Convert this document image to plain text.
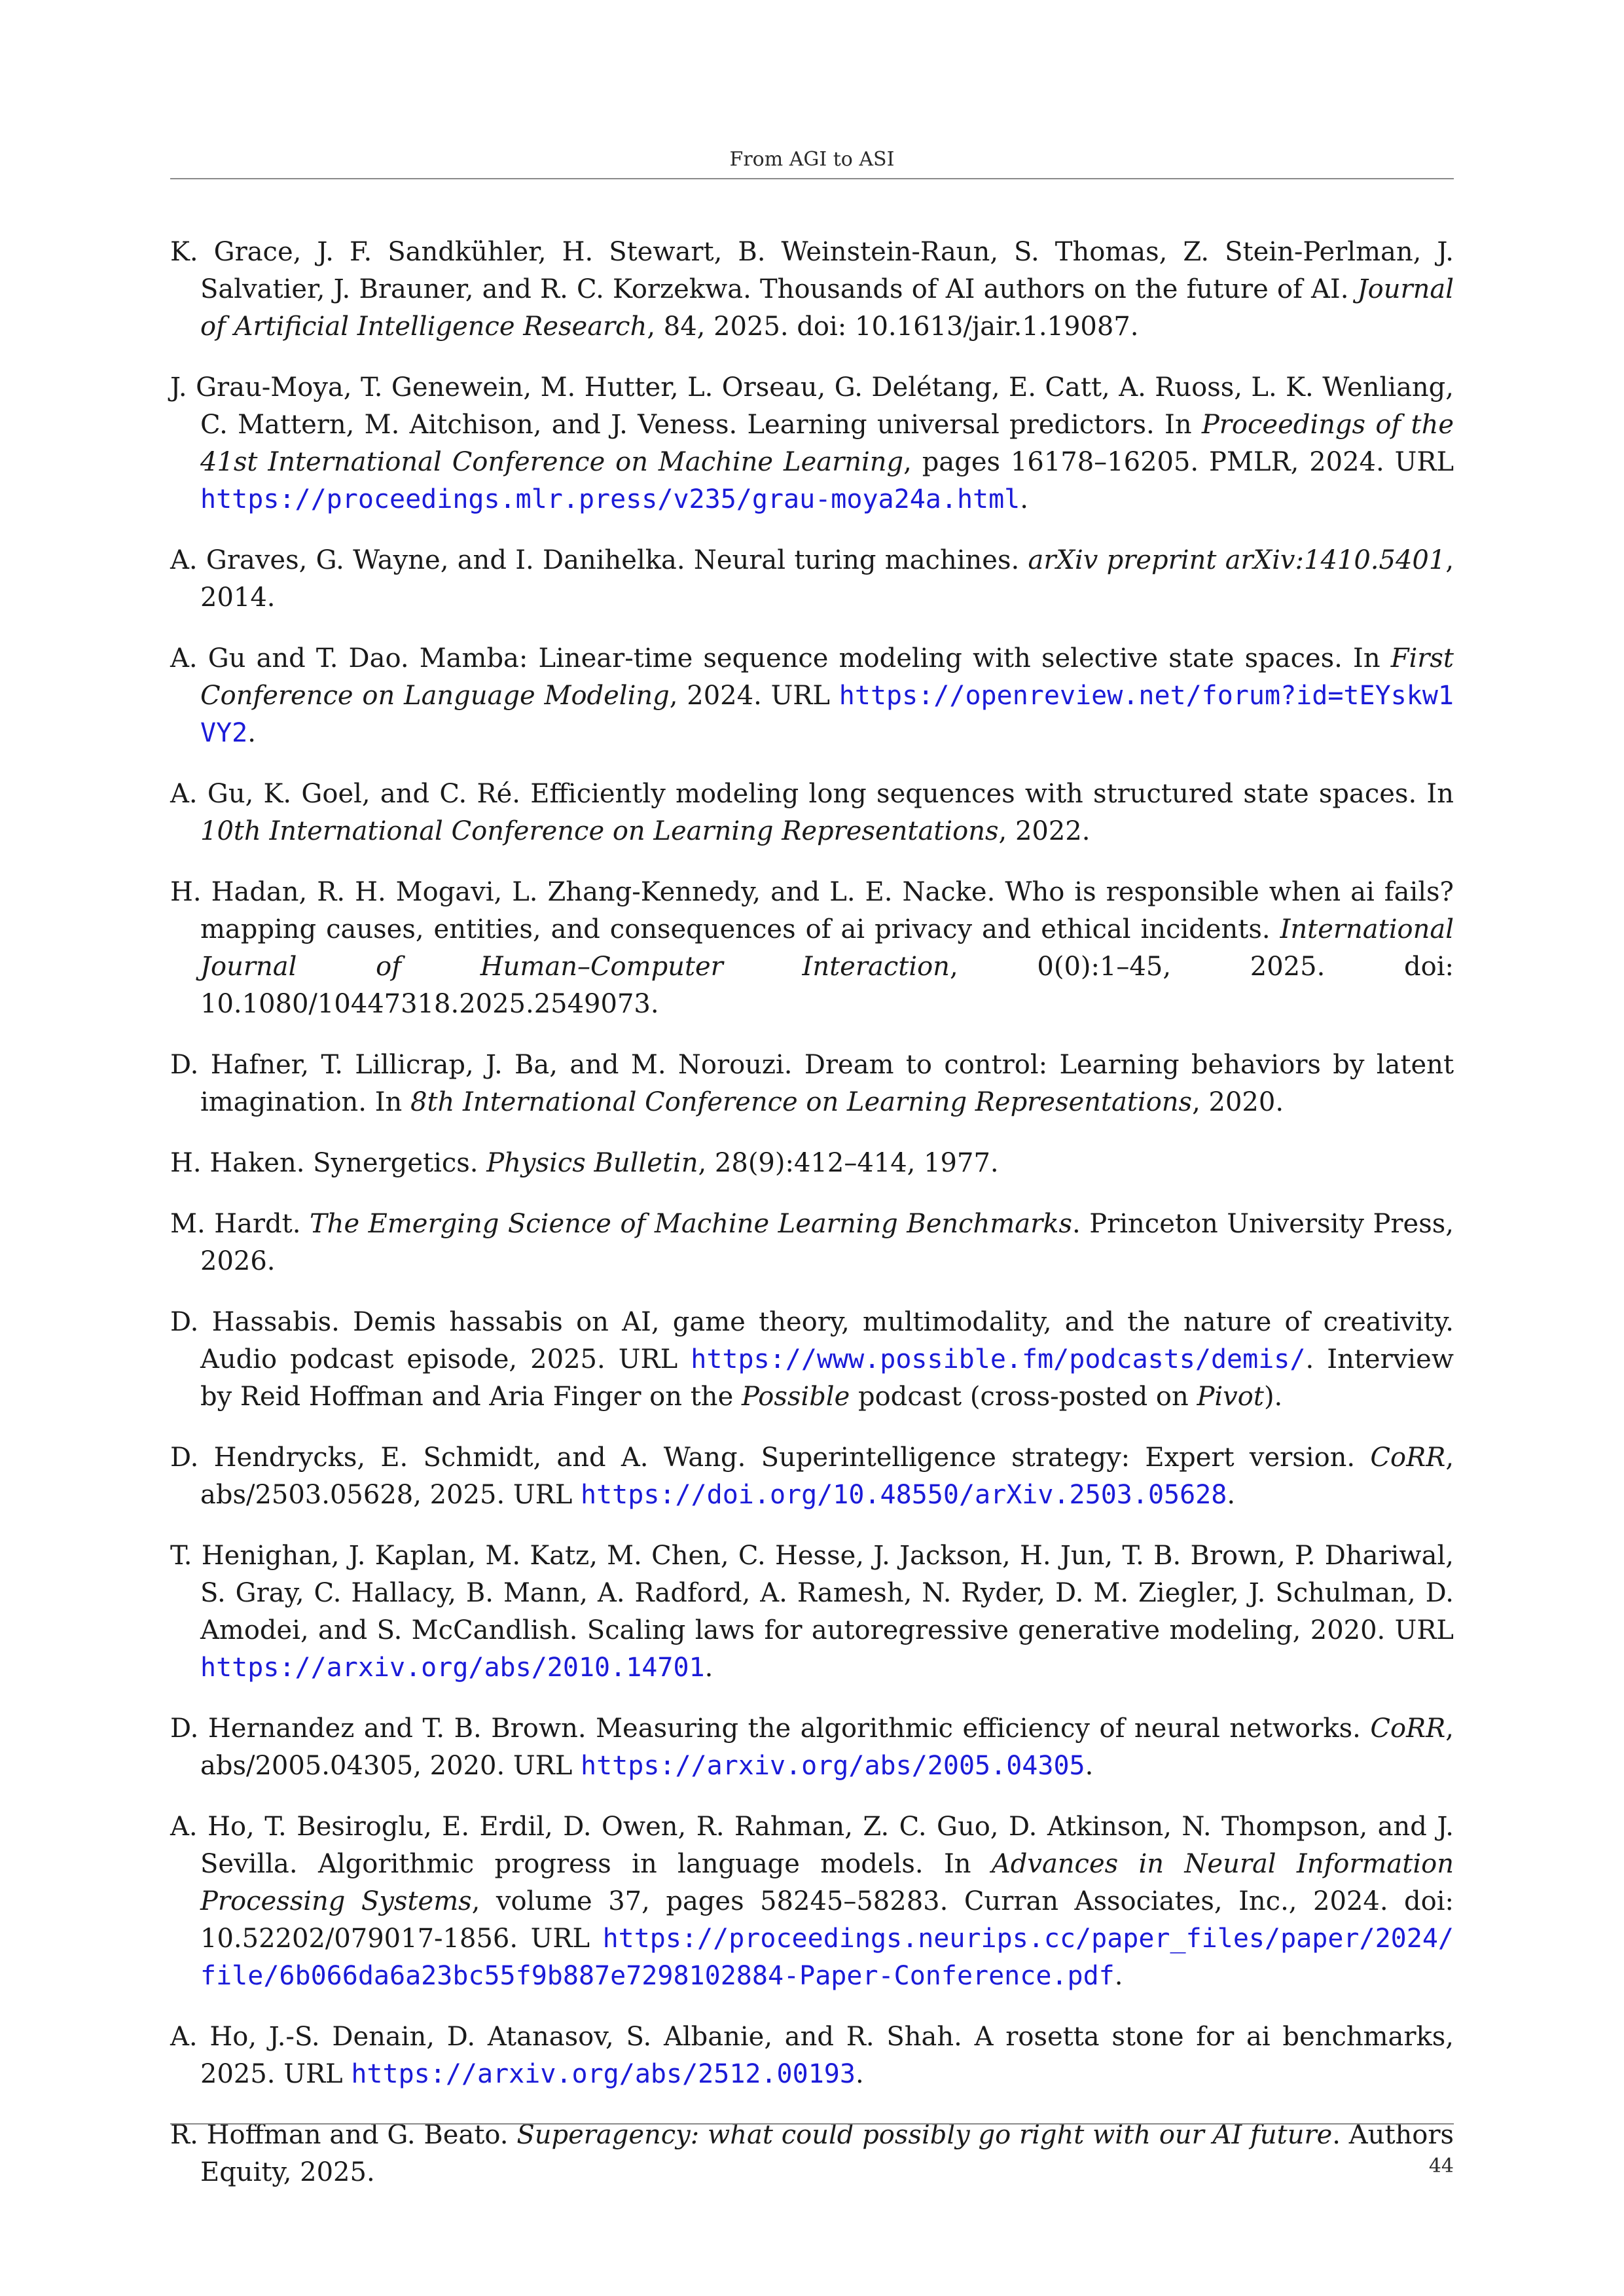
From AGI to ASI
K. Grace, J. F. Sandkühler, H. Stewart, B. Weinstein-Raun, S. Thomas, Z. Stein-Perlman, J. Salvatier, J. Brauner, and R. C. Korzekwa. Thousands of AI authors on the future of AI. Journal of Artificial Intelligence Research, 84, 2025. doi: 10.1613/jair.1.19087.
J. Grau-Moya, T. Genewein, M. Hutter, L. Orseau, G. Delétang, E. Catt, A. Ruoss, L. K. Wenliang, C. Mattern, M. Aitchison, and J. Veness. Learning universal predictors. In Proceedings of the 41st International Conference on Machine Learning, pages 16178–16205. PMLR, 2024. URL https://proceedings.mlr.press/v235/grau-moya24a.html.
A. Graves, G. Wayne, and I. Danihelka. Neural turing machines. arXiv preprint arXiv:1410.5401, 2014.
A. Gu and T. Dao. Mamba: Linear-time sequence modeling with selective state spaces. In First Conference on Language Modeling, 2024. URL https://openreview.net/forum?id=tEYskw1VY2.
A. Gu, K. Goel, and C. Ré. Efficiently modeling long sequences with structured state spaces. In 10th International Conference on Learning Representations, 2022.
H. Hadan, R. H. Mogavi, L. Zhang-Kennedy, and L. E. Nacke. Who is responsible when ai fails? mapping causes, entities, and consequences of ai privacy and ethical incidents. International Journal of Human–Computer Interaction, 0(0):1–45, 2025. doi: 10.1080/10447318.2025.2549073.
D. Hafner, T. Lillicrap, J. Ba, and M. Norouzi. Dream to control: Learning behaviors by latent imagination. In 8th International Conference on Learning Representations, 2020.
H. Haken. Synergetics. Physics Bulletin, 28(9):412–414, 1977.
M. Hardt. The Emerging Science of Machine Learning Benchmarks. Princeton University Press, 2026.
D. Hassabis. Demis hassabis on AI, game theory, multimodality, and the nature of creativity. Audio podcast episode, 2025. URL https://www.possible.fm/podcasts/demis/. Interview by Reid Hoffman and Aria Finger on the Possible podcast (cross-posted on Pivot).
D. Hendrycks, E. Schmidt, and A. Wang. Superintelligence strategy: Expert version. CoRR, abs/2503.05628, 2025. URL https://doi.org/10.48550/arXiv.2503.05628.
T. Henighan, J. Kaplan, M. Katz, M. Chen, C. Hesse, J. Jackson, H. Jun, T. B. Brown, P. Dhariwal, S. Gray, C. Hallacy, B. Mann, A. Radford, A. Ramesh, N. Ryder, D. M. Ziegler, J. Schulman, D. Amodei, and S. McCandlish. Scaling laws for autoregressive generative modeling, 2020. URL https://arxiv.org/abs/2010.14701.
D. Hernandez and T. B. Brown. Measuring the algorithmic efficiency of neural networks. CoRR, abs/2005.04305, 2020. URL https://arxiv.org/abs/2005.04305.
A. Ho, T. Besiroglu, E. Erdil, D. Owen, R. Rahman, Z. C. Guo, D. Atkinson, N. Thompson, and J. Sevilla. Algorithmic progress in language models. In Advances in Neural Information Processing Systems, volume 37, pages 58245–58283. Curran Associates, Inc., 2024. doi: 10.52202/079017-1856. URL https://proceedings.neurips.cc/paper_files/paper/2024/file/6b066da6a23bc55f9b887e7298102884-Paper-Conference.pdf.
A. Ho, J.-S. Denain, D. Atanasov, S. Albanie, and R. Shah. A rosetta stone for ai benchmarks, 2025. URL https://arxiv.org/abs/2512.00193.
R. Hoffman and G. Beato. Superagency: what could possibly go right with our AI future. Authors Equity, 2025.	44
